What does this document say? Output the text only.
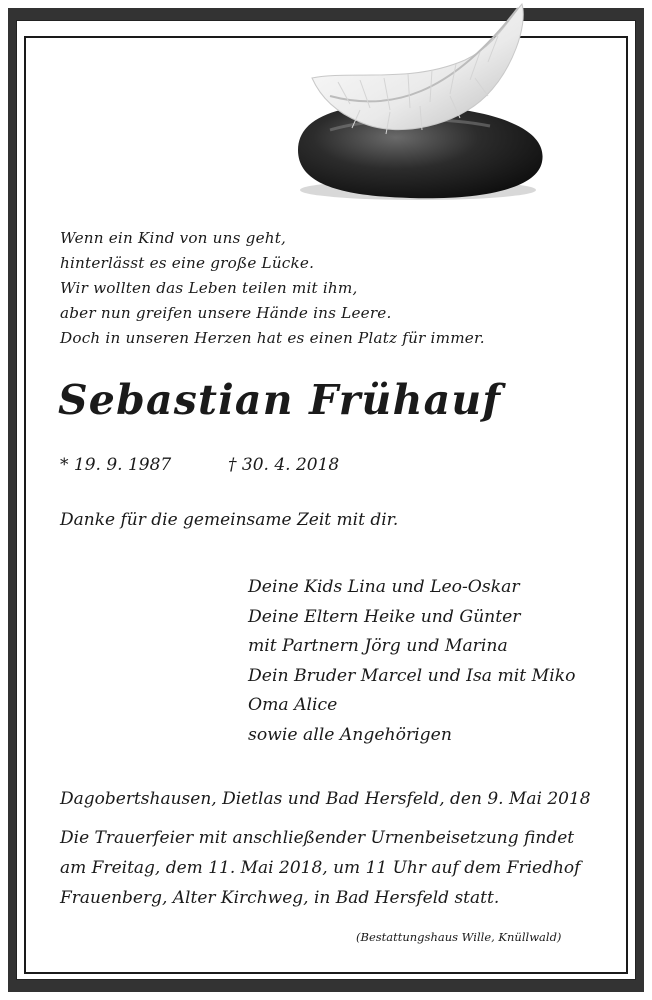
Wenn ein Kind von uns geht,
hinterlässt es eine große Lücke.
Wir wollten das Leben teilen mit ihm,
aber nun greifen unsere Hände ins Leere.
Doch in unseren Herzen hat es einen Platz für immer.
Sebastian Frühauf
* 19. 9. 1987	† 30. 4. 2018
Danke für die gemeinsame Zeit mit dir.
Deine Kids Lina und Leo-Oskar
Deine Eltern Heike und Günter
mit Partnern Jörg und Marina
Dein Bruder Marcel und Isa mit Miko
Oma Alice
sowie alle Angehörigen
Dagobertshausen, Dietlas und Bad Hersfeld, den 9. Mai 2018
Die Trauerfeier mit anschließender Urnenbeisetzung findet
am Freitag, dem 11. Mai 2018, um 11 Uhr auf dem Friedhof
Frauenberg, Alter Kirchweg, in Bad Hersfeld statt.
(Bestattungshaus Wille, Knüllwald)
